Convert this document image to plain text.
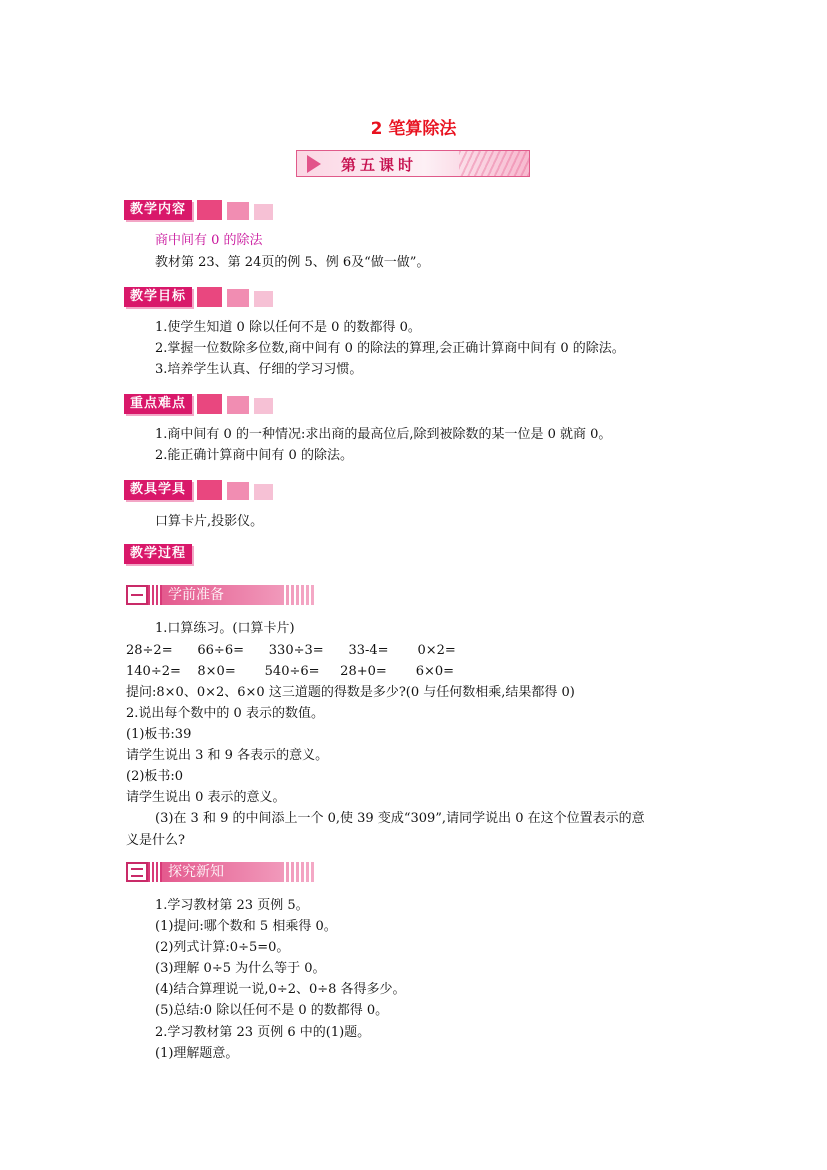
2 笔算除法
第五课时
教学内容
商中间有 0 的除法
教材第 23、第 24页的例 5、例 6及“做一做”。
教学目标
1.使学生知道 0 除以任何不是 0 的数都得 0。
2.掌握一位数除多位数,商中间有 0 的除法的算理,会正确计算商中间有 0 的除法。
3.培养学生认真、仔细的学习习惯。
重点难点
1.商中间有 0 的一种情况:求出商的最高位后,除到被除数的某一位是 0 就商 0。
2.能正确计算商中间有 0 的除法。
教具学具
口算卡片,投影仪。
教学过程
学前准备
1.口算练习。(口算卡片)
28÷2=      66÷6=      330÷3=      33-4=       0×2=
140÷2=    8×0=       540÷6=     28+0=       6×0=
提问:8×0、0×2、6×0 这三道题的得数是多少?(0 与任何数相乘,结果都得 0)
2.说出每个数中的 0 表示的数值。
(1)板书:39
请学生说出 3 和 9 各表示的意义。
(2)板书:0
请学生说出 0 表示的意义。
(3)在 3 和 9 的中间添上一个 0,使 39 变成“309”,请同学说出 0 在这个位置表示的意
义是什么?
探究新知
1.学习教材第 23 页例 5。
(1)提问:哪个数和 5 相乘得 0。
(2)列式计算:0÷5=0。
(3)理解 0÷5 为什么等于 0。
(4)结合算理说一说,0÷2、0÷8 各得多少。
(5)总结:0 除以任何不是 0 的数都得 0。
2.学习教材第 23 页例 6 中的(1)题。
(1)理解题意。
